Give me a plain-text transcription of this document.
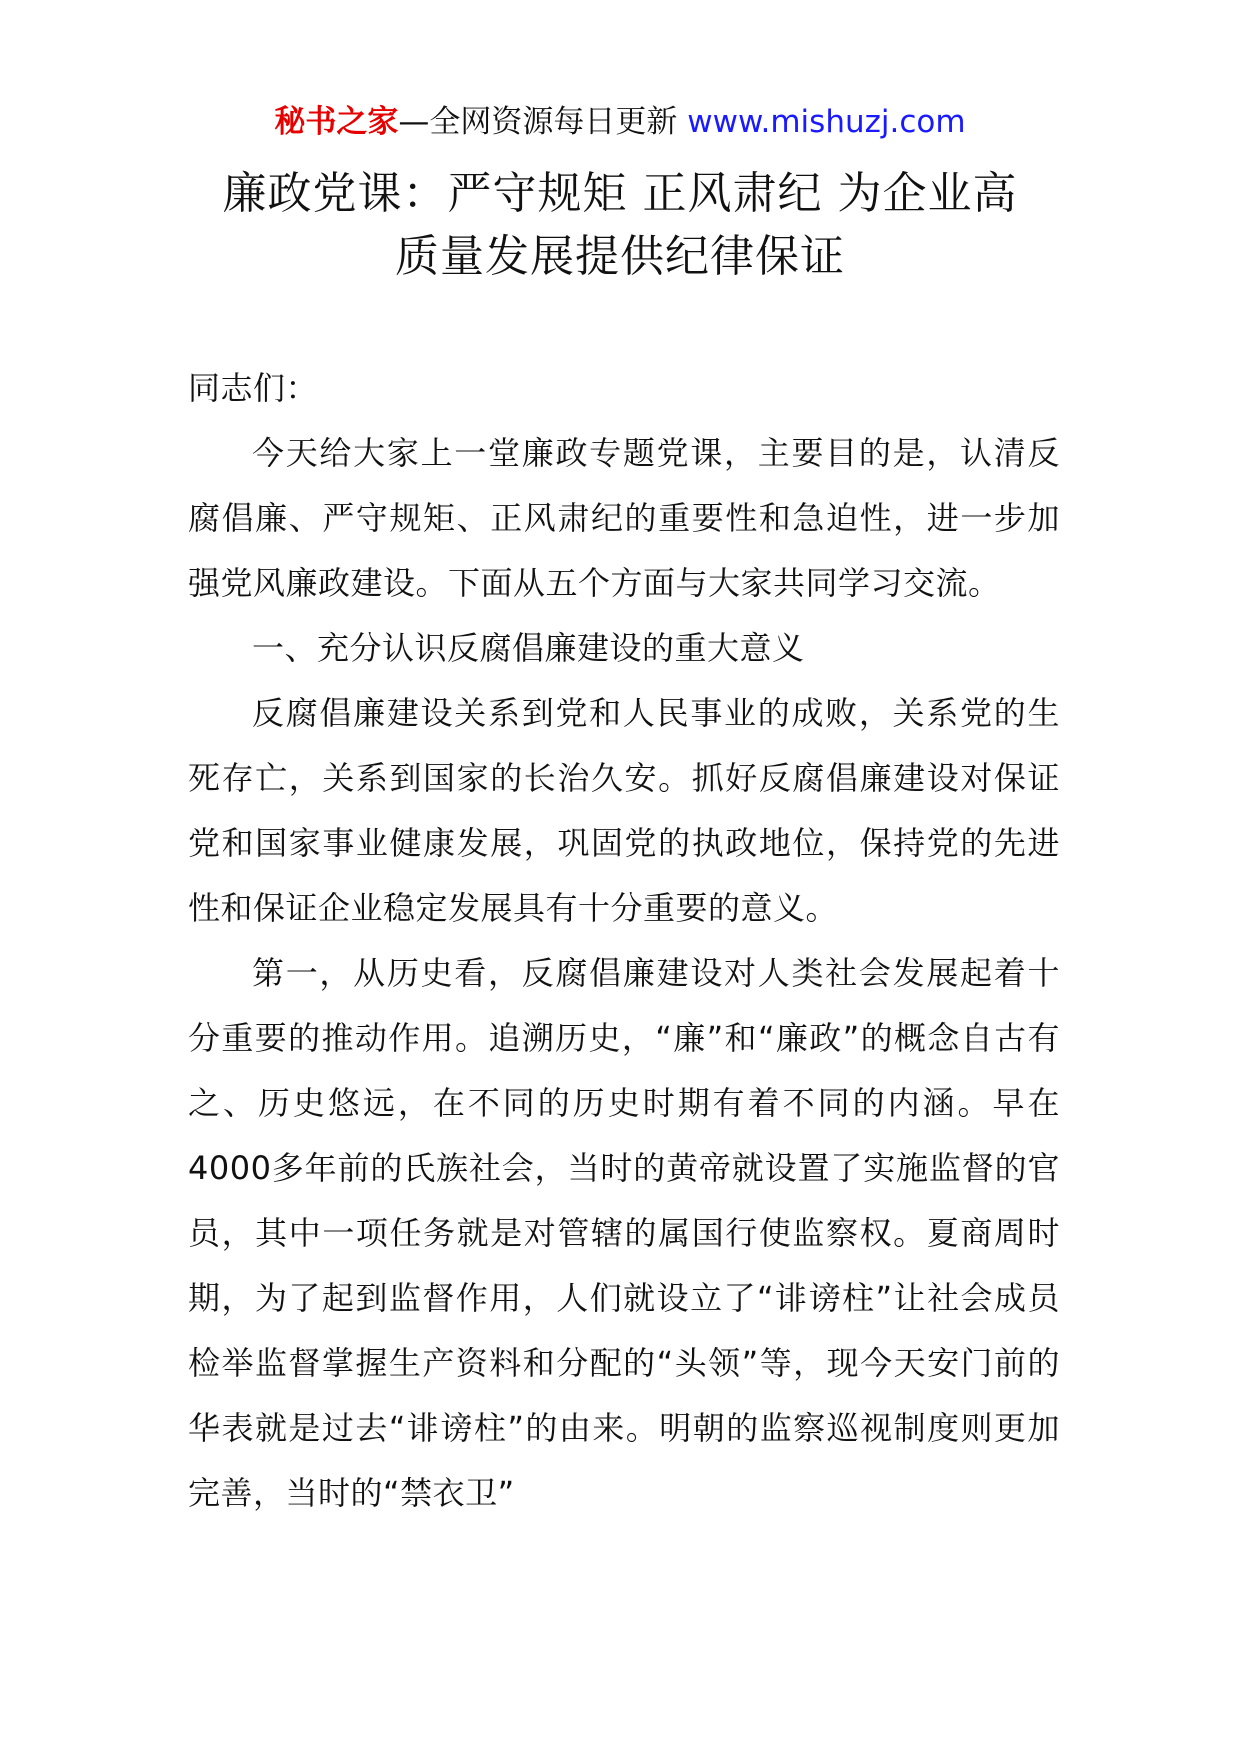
秘书之家—全网资源每日更新 www.mishuzj.com
廉政党课：严守规矩 正风肃纪 为企业高
质量发展提供纪律保证

同志们：

今天给大家上一堂廉政专题党课，主要目的是，认清反腐倡廉、严守规矩、正风肃纪的重要性和急迫性，进一步加强党风廉政建设。下面从五个方面与大家共同学习交流。

一、充分认识反腐倡廉建设的重大意义

反腐倡廉建设关系到党和人民事业的成败，关系党的生死存亡，关系到国家的长治久安。抓好反腐倡廉建设对保证党和国家事业健康发展，巩固党的执政地位，保持党的先进性和保证企业稳定发展具有十分重要的意义。

第一，从历史看，反腐倡廉建设对人类社会发展起着十分重要的推动作用。追溯历史，“廉”和“廉政”的概念自古有之、历史悠远，在不同的历史时期有着不同的内涵。早在4000多年前的氏族社会，当时的黄帝就设置了实施监督的官员，其中一项任务就是对管辖的属国行使监察权。夏商周时期，为了起到监督作用，人们就设立了“诽谤柱”让社会成员检举监督掌握生产资料和分配的“头领”等，现今天安门前的华表就是过去“诽谤柱”的由来。明朝的监察巡视制度则更加完善，当时的“禁衣卫”
